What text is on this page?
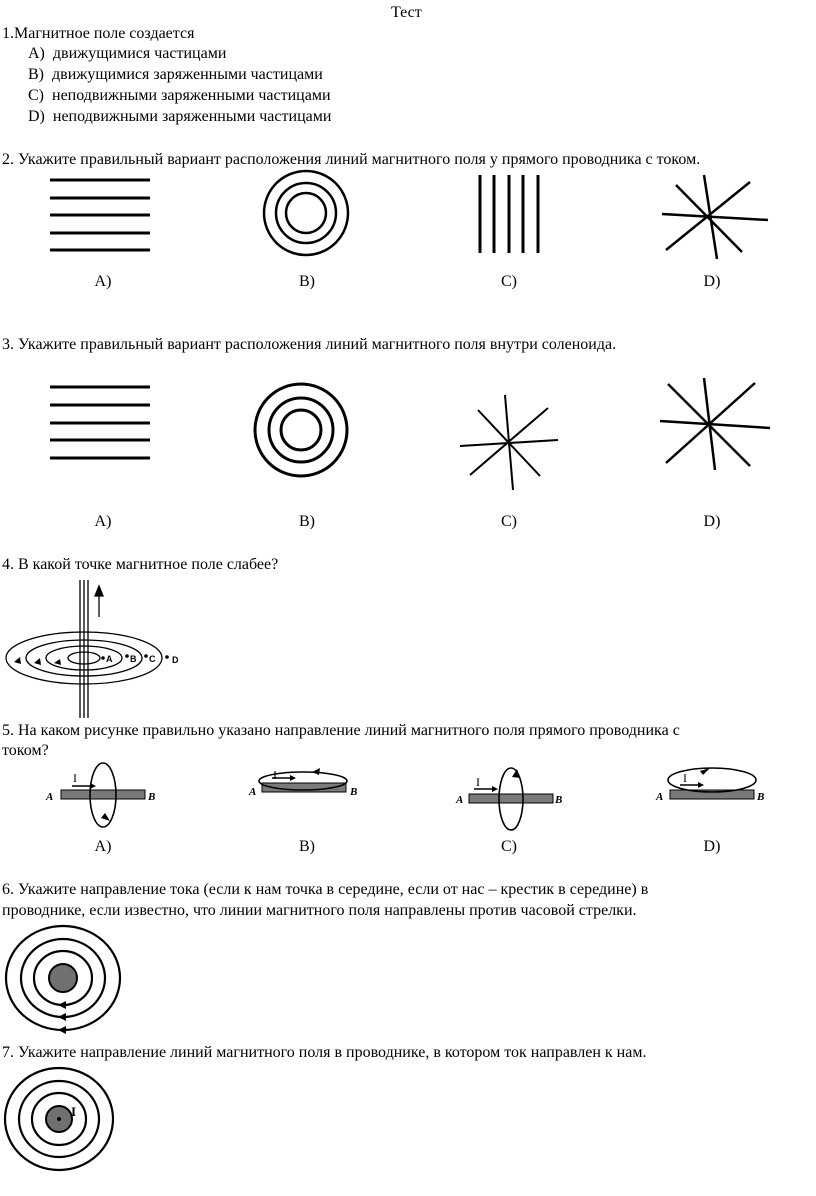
Тест
1.Магнитное поле создается
A) движущимися частицами
B) движущимися заряженными частицами
C) неподвижными заряженными частицами
D) неподвижными заряженными частицами
2. Укажите правильный вариант расположения линий магнитного поля у прямого проводника с током.
A)	B)	C)	D)
3. Укажите правильный вариант расположения линий магнитного поля внутри соленоида.
A)	B)	C)	D)
4. В какой точке магнитное поле слабее?
A B C D
5. На каком рисунке правильно указано направление линий магнитного поля прямого проводника с
током?
I
A	B
I
A	B
I
A	B
I
A	B
A)	B)	C)	D)
6. Укажите направление тока (если к нам точка в середине, если от нас – крестик в середине) в
проводнике, если известно, что линии магнитного поля направлены против часовой стрелки.
7. Укажите направление линий магнитного поля в проводнике, в котором ток направлен к нам.
I
